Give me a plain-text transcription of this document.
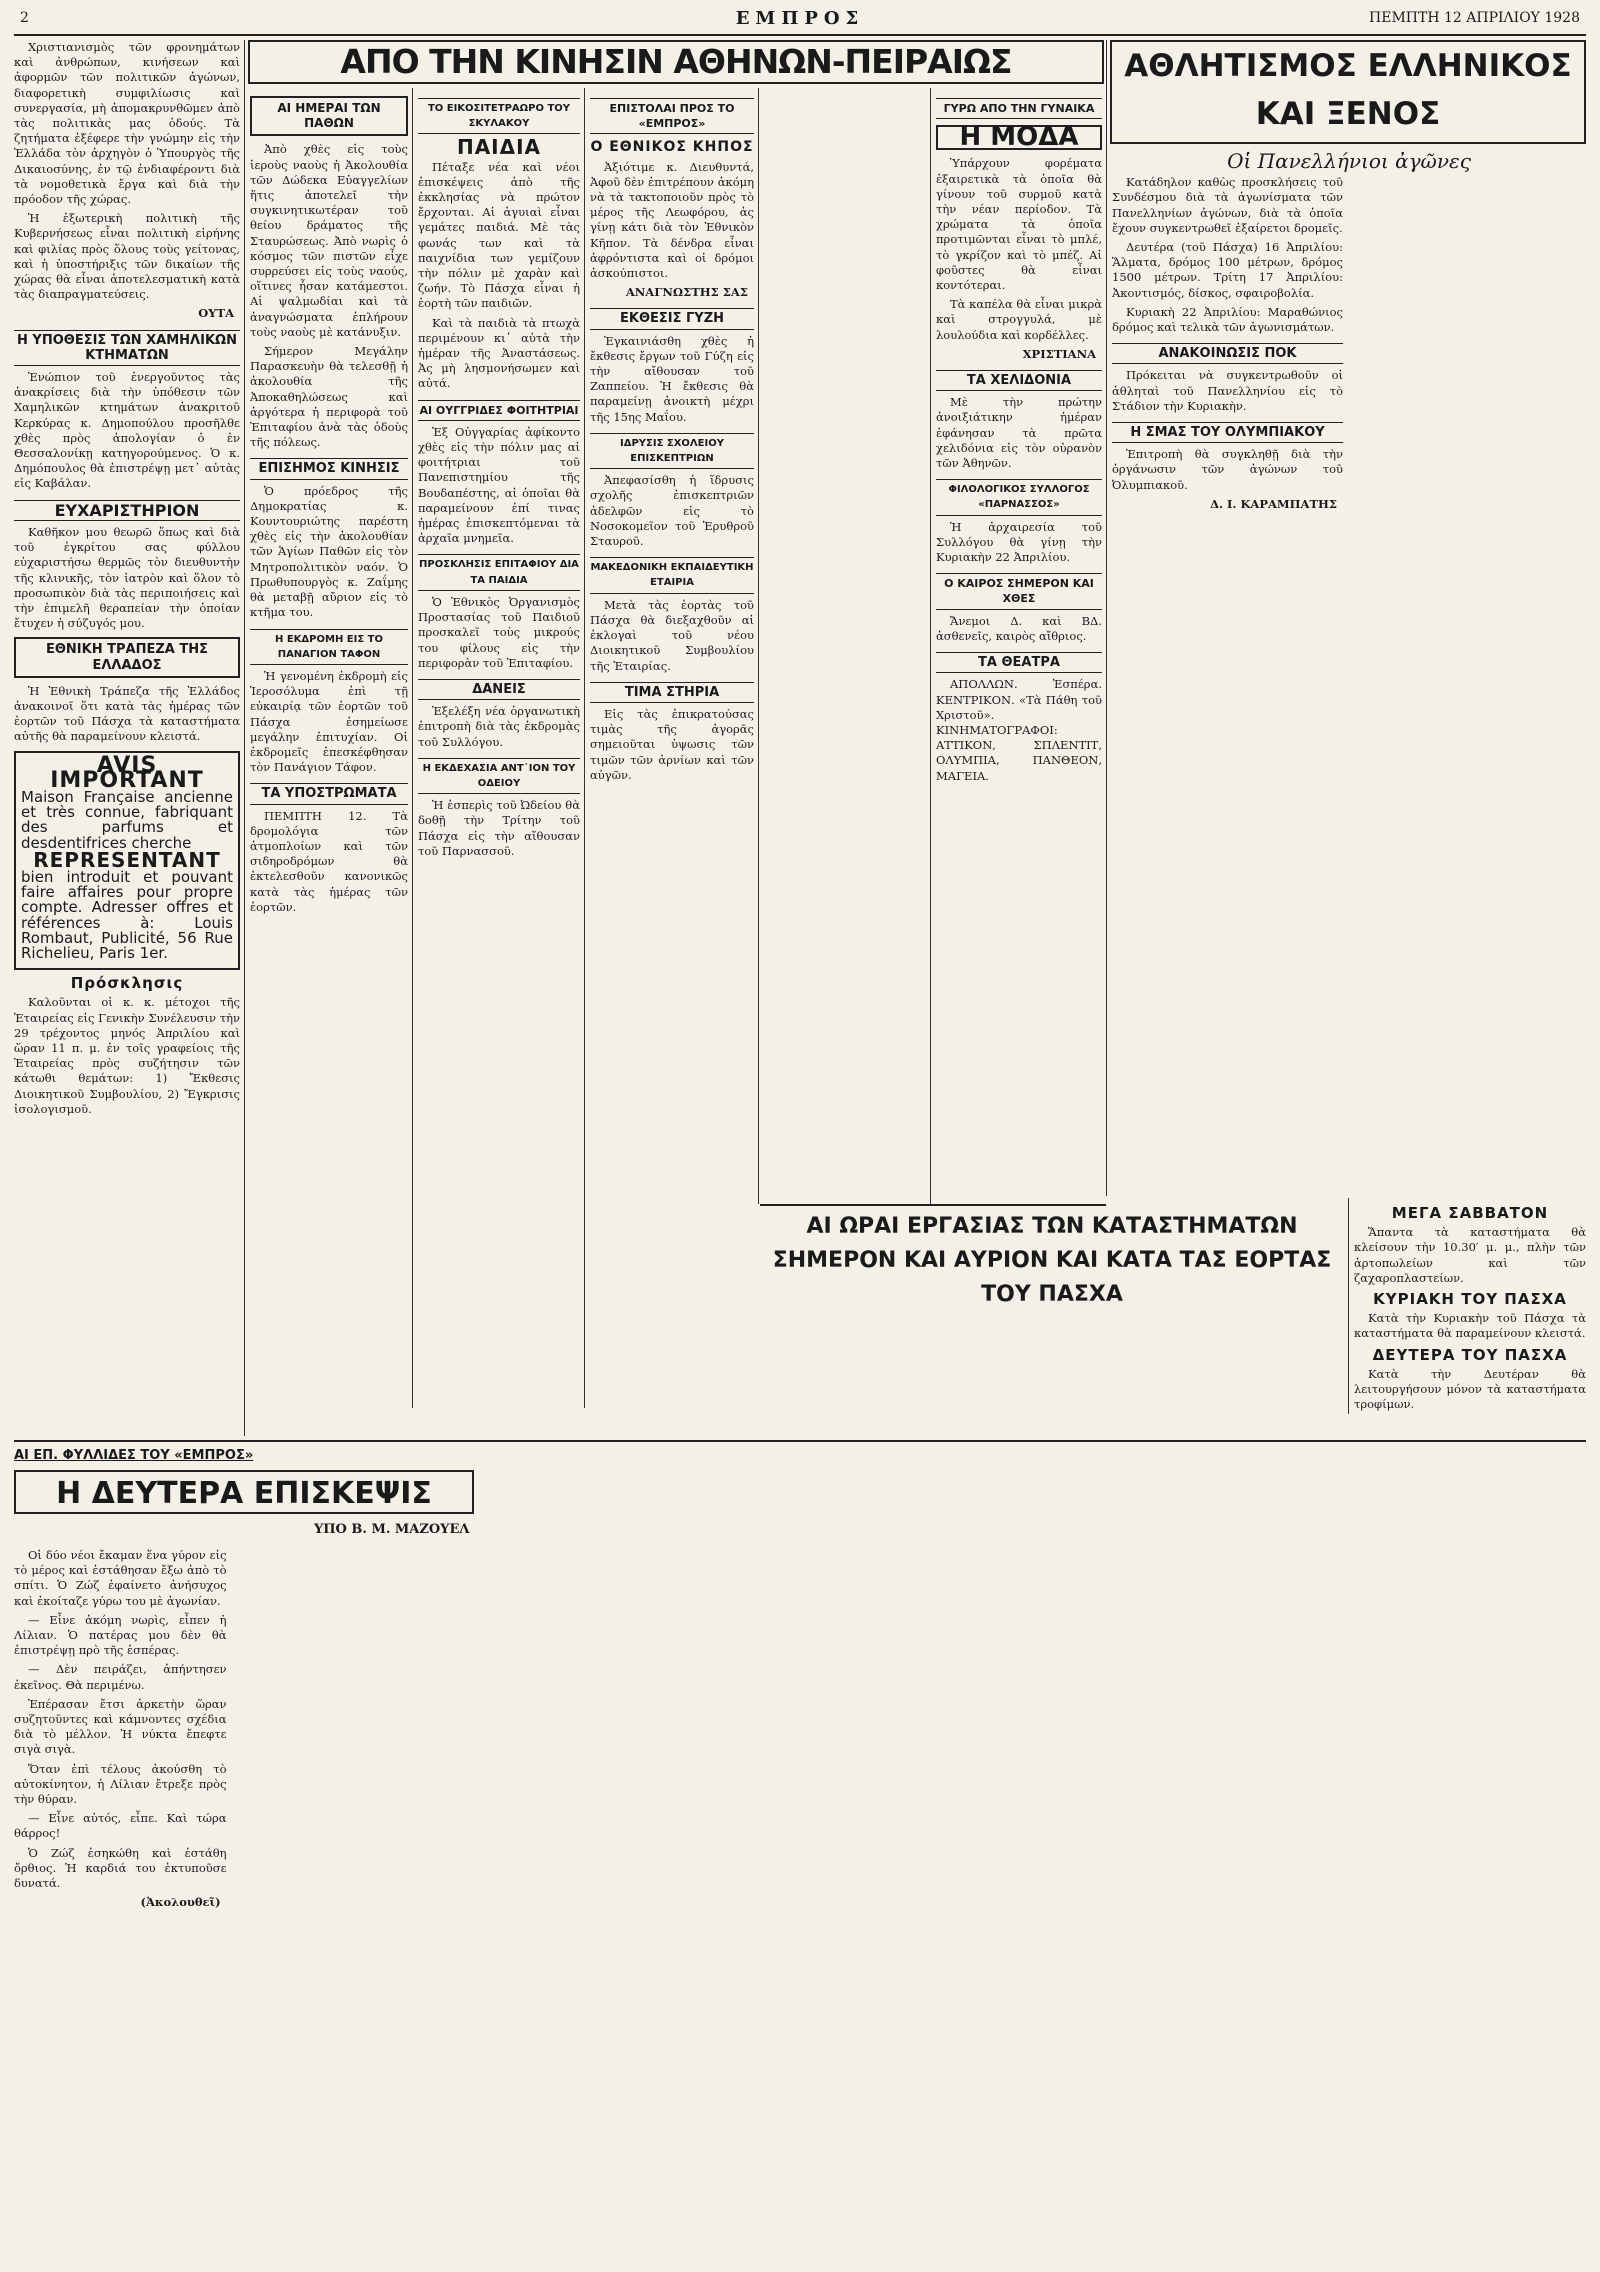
2	ΕΜΠΡΟΣ	ΠΕΜΠΤΗ 12 ΑΠΡΙΛΙΟΥ 1928
ΑΠΟ ΤΗΝ ΚΙΝΗΣΙΝ ΑΘΗΝΩΝ-ΠΕΙΡΑΙΩΣ	ΑΘΛΗΤΙΣΜΟΣ ΕΛΛΗΝΙΚΟΣ ΚΑΙ ΞΕΝΟΣ

Χριστιανισμὸς τῶν φρονημάτων καὶ ἀνθρώπων, κινήσεων καὶ ἀφορμῶν τῶν πολιτικῶν ἀγώνων, διαφορετικὴ συμφιλίωσις καὶ συνεργασία, μὴ ἀπομακρυνθῶμεν ἀπὸ τὰς πολιτικὰς μας ὁδούς. Τὰ ζητήματα ἐξέφερε τὴν γνώμην εἰς τὴν Ἑλλάδα τὸν ἀρχηγὸν ὁ Ὑπουργὸς τῆς Δικαιοσύνης, ἐν τῷ ἐνδιαφέροντι διὰ τὰ νομοθετικὰ ἔργα καὶ διὰ τὴν πρόοδον τῆς χώρας.

Ἡ ἐξωτερικὴ πολιτικὴ τῆς Κυβερνήσεως εἶναι πολιτικὴ εἰρήνης καὶ φιλίας πρὸς ὅλους τοὺς γείτονας, καὶ ἡ ὑποστήριξις τῶν δικαίων τῆς χώρας θὰ εἶναι ἀποτελεσματικὴ κατὰ τὰς διαπραγματεύσεις.

ΟΥΤΑ
Η ΥΠΟΘΕΣΙΣ ΤΩΝ ΧΑΜΗΛΙΚΩΝ ΚΤΗΜΑΤΩΝ

Ἐνώπιον τοῦ ἐνεργοῦντος τὰς ἀνακρίσεις διὰ τὴν ὑπόθεσιν τῶν Χαμηλικῶν κτημάτων ἀνακριτοῦ Κερκύρας κ. Δημοπούλου προσῆλθε χθὲς πρὸς ἀπολογίαν ὁ ἐν Θεσσαλονίκῃ κατηγορούμενος. Ὁ κ. Δημόπουλος θὰ ἐπιστρέψῃ μετ᾽ αὐτὰς εἰς Καβάλαν.

ΕΥΧΑΡΙΣΤΗΡΙΟΝ

Καθῆκον μου θεωρῶ ὅπως καὶ διὰ τοῦ ἐγκρίτου σας φύλλου εὐχαριστήσω θερμῶς τὸν διευθυντὴν τῆς κλινικῆς, τὸν ἰατρὸν καὶ ὅλον τὸ προσωπικὸν διὰ τὰς περιποιήσεις καὶ τὴν ἐπιμελῆ θεραπείαν τὴν ὁποίαν ἔτυχεν ἡ σύζυγός μου.

ΕΘΝΙΚΗ ΤΡΑΠΕΖΑ ΤΗΣ ΕΛΛΑΔΟΣ

Ἡ Ἐθνικὴ Τράπεζα τῆς Ἑλλάδος ἀνακοινοῖ ὅτι κατὰ τὰς ἡμέρας τῶν ἑορτῶν τοῦ Πάσχα τὰ καταστήματα αὐτῆς θὰ παραμείνουν κλειστά.

AVIS IMPORTANT
Maison Française ancienne et très connue, fabriquant des parfums et desdentifrices cherche
REPRESENTANT
bien introduit et pouvant faire affaires pour propre compte. Adresser offres et références à: Louis Rombaut, Publicité, 56 Rue Richelieu, Paris 1er.
Πρόσκλησις

Καλοῦνται οἱ κ. κ. μέτοχοι τῆς Ἑταιρείας εἰς Γενικὴν Συνέλευσιν τὴν 29 τρέχοντος μηνός Ἀπριλίου καὶ ὥραν 11 π. μ. ἐν τοῖς γραφείοις τῆς Ἑταιρείας πρὸς συζήτησιν τῶν κάτωθι θεμάτων: 1) Ἔκθεσις Διοικητικοῦ Συμβουλίου, 2) Ἔγκρισις ἰσολογισμοῦ.

ΑΙ ΗΜΕΡΑΙ ΤΩΝ ΠΑΘΩΝ

Ἀπὸ χθὲς εἰς τοὺς ἱεροὺς ναοὺς ἡ Ἀκολουθία τῶν Δώδεκα Εὐαγγελίων ἥτις ἀποτελεῖ τὴν συγκινητικωτέραν τοῦ θείου δράματος τῆς Σταυρώσεως. Ἀπὸ νωρὶς ὁ κόσμος τῶν πιστῶν εἶχε συρρεύσει εἰς τοὺς ναούς, οἵτινες ἦσαν κατάμεστοι. Αἱ ψαλμωδίαι καὶ τὰ ἀναγνώσματα ἐπλήρουν τοὺς ναοὺς μὲ κατάνυξιν.

Σήμερον Μεγάλην Παρασκευὴν θὰ τελεσθῇ ἡ ἀκολουθία τῆς Ἀποκαθηλώσεως καὶ ἀργότερα ἡ περιφορὰ τοῦ Ἐπιταφίου ἀνὰ τὰς ὁδοὺς τῆς πόλεως.

ΕΠΙΣΗΜΟΣ ΚΙΝΗΣΙΣ

Ὁ πρόεδρος τῆς Δημοκρατίας κ. Κουντουριώτης παρέστη χθὲς εἰς τὴν ἀκολουθίαν τῶν Ἁγίων Παθῶν εἰς τὸν Μητροπολιτικὸν ναόν. Ὁ Πρωθυπουργὸς κ. Ζαΐμης θὰ μεταβῇ αὔριον εἰς τὸ κτῆμα του.

Η ΕΚΔΡΟΜΗ ΕΙΣ ΤΟ ΠΑΝΑΓΙΟΝ ΤΑΦΟΝ

Ἡ γενομένη ἐκδρομὴ εἰς Ἱεροσόλυμα ἐπὶ τῇ εὐκαιρίᾳ τῶν ἑορτῶν τοῦ Πάσχα ἐσημείωσε μεγάλην ἐπιτυχίαν. Οἱ ἐκδρομεῖς ἐπεσκέφθησαν τὸν Πανάγιον Τάφον.

ΤΑ ΥΠΟΣΤΡΩΜΑΤΑ

ΠΕΜΠΤΗ 12. Τὰ δρομολόγια τῶν ἀτμοπλοίων καὶ τῶν σιδηροδρόμων θὰ ἐκτελεσθοῦν κανονικῶς κατὰ τὰς ἡμέρας τῶν ἑορτῶν.

ΤΟ ΕΙΚΟΣΙΤΕΤΡΑΩΡΟ ΤΟΥ ΣΚΥΛΑΚΟΥ
ΠΑΙΔΙΑ

Πέταξε νέα καὶ νέοι ἐπισκέψεις ἀπὸ τῆς ἐκκλησίας νὰ πρώτον ἔρχονται. Αἱ ἀγυιαὶ εἶναι γεμάτες παιδιά. Μὲ τὰς φωνάς των καὶ τὰ παιχνίδια των γεμίζουν τὴν πόλιν μὲ χαρὰν καὶ ζωήν. Τὸ Πάσχα εἶναι ἡ ἑορτὴ τῶν παιδιῶν.

Καὶ τὰ παιδιὰ τὰ πτωχὰ περιμένουν κι᾽ αὐτὰ τὴν ἡμέραν τῆς Ἀναστάσεως. Ἀς μὴ λησμονήσωμεν καὶ αὐτά.

ΑΙ ΟΥΓΓΡΙΔΕΣ ΦΟΙΤΗΤΡΙΑΙ

Ἐξ Οὐγγαρίας ἀφίκοντο χθὲς εἰς τὴν πόλιν μας αἱ φοιτήτριαι τοῦ Πανεπιστημίου τῆς Βουδαπέστης, αἱ ὁποῖαι θὰ παραμείνουν ἐπί τινας ἡμέρας ἐπισκεπτόμεναι τὰ ἀρχαῖα μνημεῖα.

ΠΡΟΣΚΛΗΣΙΣ ΕΠΙΤΑΦΙΟΥ ΔΙΑ ΤΑ ΠΑΙΔΙΑ

Ὁ Ἐθνικὸς Ὀργανισμὸς Προστασίας τοῦ Παιδιοῦ προσκαλεῖ τοὺς μικρούς του φίλους εἰς τὴν περιφορὰν τοῦ Ἐπιταφίου.

ΔΑΝΕΙΣ

Ἐξελέξη νέα ὀργανωτικὴ ἐπιτροπὴ διὰ τὰς ἐκδρομὰς τοῦ Συλλόγου.

Η ΕΚΔΕΧΑΣΙΑ ΑΝΤ᾽ΙΟΝ ΤΟΥ ΟΔΕΙΟΥ

Ἡ ἑσπερὶς τοῦ Ὠδείου θὰ δοθῇ τὴν Τρίτην τοῦ Πάσχα εἰς τὴν αἴθουσαν τοῦ Παρνασσοῦ.

ΕΠΙΣΤΟΛΑΙ ΠΡΟΣ ΤΟ «ΕΜΠΡΟΣ»
Ο ΕΘΝΙΚΟΣ ΚΗΠΟΣ

Ἀξιότιμε κ. Διευθυντά, Ἀφοῦ δὲν ἐπιτρέπουν ἀκόμη νὰ τὰ τακτοποιοῦν πρὸς τὸ μέρος τῆς Λεωφόρου, ἀς γίνῃ κάτι διὰ τὸν Ἐθνικὸν Κῆπον. Τὰ δένδρα εἶναι ἀφρόντιστα καὶ οἱ δρόμοι ἀσκούπιστοι.

ΑΝΑΓΝΩΣΤΗΣ ΣΑΣ
ΕΚΘΕΣΙΣ ΓΥΖΗ

Ἐγκαινιάσθη χθὲς ἡ ἔκθεσις ἔργων τοῦ Γύζη εἰς τὴν αἴθουσαν τοῦ Ζαππείου. Ἡ ἔκθεσις θὰ παραμείνῃ ἀνοικτὴ μέχρι τῆς 15ης Μαΐου.

ΙΔΡΥΣΙΣ ΣΧΟΛΕΙΟΥ ΕΠΙΣΚΕΠΤΡΙΩΝ

Ἀπεφασίσθη ἡ ἵδρυσις σχολῆς ἐπισκεπτριῶν ἀδελφῶν εἰς τὸ Νοσοκομεῖον τοῦ Ἐρυθροῦ Σταυροῦ.

ΜΑΚΕΔΟΝΙΚΗ ΕΚΠΑΙΔΕΥΤΙΚΗ ΕΤΑΙΡΙΑ

Μετὰ τὰς ἑορτὰς τοῦ Πάσχα θὰ διεξαχθοῦν αἱ ἐκλογαὶ τοῦ νέου Διοικητικοῦ Συμβουλίου τῆς Ἑταιρίας.

ΤΙΜΑ ΣΤΗΡΙΑ

Εἰς τὰς ἐπικρατούσας τιμὰς τῆς ἀγορᾶς σημειοῦται ὑψωσις τῶν τιμῶν τῶν ἀρνίων καὶ τῶν αὐγῶν.

ΓΥΡΩ ΑΠΟ ΤΗΝ ΓΥΝΑΙΚΑ
Η ΜΟΔΑ

Ὑπάρχουν φορέματα ἐξαιρετικὰ τὰ ὁποῖα θὰ γίνουν τοῦ συρμοῦ κατὰ τὴν νέαν περίοδον. Τὰ χρώματα τὰ ὁποῖα προτιμῶνται εἶναι τὸ μπλέ, τὸ γκρίζον καὶ τὸ μπέζ. Αἱ φοῦστες θὰ εἶναι κοντότεραι.

Τὰ καπέλα θὰ εἶναι μικρὰ καὶ στρογγυλά, μὲ λουλούδια καὶ κορδέλλες.

ΧΡΙΣΤΙΑΝΑ
ΤΑ ΧΕΛΙΔΟΝΙΑ

Μὲ τὴν πρώτην ἀνοιξιάτικην ἡμέραν ἐφάνησαν τὰ πρῶτα χελιδόνια εἰς τὸν οὐρανὸν τῶν Ἀθηνῶν.

ΦΙΛΟΛΟΓΙΚΟΣ ΣΥΛΛΟΓΟΣ «ΠΑΡΝΑΣΣΟΣ»

Ἡ ἀρχαιρεσία τοῦ Συλλόγου θὰ γίνῃ τὴν Κυριακὴν 22 Ἀπριλίου.

Ο ΚΑΙΡΟΣ ΣΗΜΕΡΟΝ ΚΑΙ ΧΘΕΣ

Ἄνεμοι Δ. καὶ ΒΔ. ἀσθενεῖς, καιρὸς αἴθριος.

ΤΑ ΘΕΑΤΡΑ

ΑΠΟΛΛΩΝ. Ἑσπέρα. ΚΕΝΤΡΙΚΟΝ. «Τὰ Πάθη τοῦ Χριστοῦ». ΚΙΝΗΜΑΤΟΓΡΑΦΟΙ: ΑΤΤΙΚΟΝ, ΣΠΛΕΝΤΙΤ, ΟΛΥΜΠΙΑ, ΠΑΝΘΕΟΝ, ΜΑΓΕΙΑ.

Οἱ Πανελλήνιοι ἀγῶνες

Κατάδηλον καθὼς προσκλήσεις τοῦ Συνδέσμου διὰ τὰ ἀγωνίσματα τῶν Πανελληνίων ἀγώνων, διὰ τὰ ὁποῖα ἔχουν συγκεντρωθεῖ ἐξαίρετοι δρομεῖς.

Δευτέρα (τοῦ Πάσχα) 16 Ἀπριλίου: Ἅλματα, δρόμος 100 μέτρων, δρόμος 1500 μέτρων. Τρίτη 17 Ἀπριλίου: Ἀκοντισμός, δίσκος, σφαιροβολία.

Κυριακὴ 22 Ἀπριλίου: Μαραθώνιος δρόμος καὶ τελικὰ τῶν ἀγωνισμάτων.

ΑΝΑΚΟΙΝΩΣΙΣ ΠΟΚ

Πρόκειται νὰ συγκεντρωθοῦν οἱ ἀθληταὶ τοῦ Πανελληνίου εἰς τὸ Στάδιον τὴν Κυριακὴν.

Η ΣΜΑΣ ΤΟΥ ΟΛΥΜΠΙΑΚΟΥ

Ἐπιτροπὴ θὰ συγκληθῇ διὰ τὴν ὀργάνωσιν τῶν ἀγώνων τοῦ Ὀλυμπιακοῦ.

Δ. Ι. ΚΑΡΑΜΠΑΤΗΣ
ΑΙ ΩΡΑΙ ΕΡΓΑΣΙΑΣ ΤΩΝ ΚΑΤΑΣΤΗΜΑΤΩΝ ΣΗΜΕΡΟΝ ΚΑΙ ΑΥΡΙΟΝ ΚΑΙ ΚΑΤΑ ΤΑΣ ΕΟΡΤΑΣ ΤΟΥ ΠΑΣΧΑ
ΜΕΓΑ ΣΑΒΒΑΤΟΝ

Ἅπαντα τὰ καταστήματα θὰ κλείσουν τὴν 10.30′ μ. μ., πλὴν τῶν ἀρτοπωλείων καὶ τῶν ζαχαροπλαστείων.

ΚΥΡΙΑΚΗ ΤΟΥ ΠΑΣΧΑ

Κατὰ τὴν Κυριακὴν τοῦ Πάσχα τὰ καταστήματα θὰ παραμείνουν κλειστά.

ΔΕΥΤΕΡΑ ΤΟΥ ΠΑΣΧΑ

Κατὰ τὴν Δευτέραν θὰ λειτουργήσουν μόνον τὰ καταστήματα τροφίμων.

ΑΙ ΕΠ. ΦΥΛΛΙΔΕΣ ΤΟΥ «ΕΜΠΡΟΣ»
Η ΔΕΥΤΕΡΑ ΕΠΙΣΚΕΨΙΣ
ΥΠΟ Β. Μ. ΜΑΖΟΥΕΛ

Οἱ δύο νέοι ἔκαμαν ἕνα γύρον εἰς τὸ μέρος καὶ ἐστάθησαν ἔξω ἀπὸ τὸ σπίτι. Ὁ Ζώζ ἐφαίνετο ἀνήσυχος καὶ ἐκοίταζε γύρω του μὲ ἀγωνίαν.

— Εἶνε ἀκόμη νωρὶς, εἶπεν ἡ Λίλιαν. Ὁ πατέρας μου δὲν θὰ ἐπιστρέψῃ πρὸ τῆς ἑσπέρας.

— Δὲν πειράζει, ἀπήντησεν ἐκεῖνος. Θὰ περιμένω.

Ἐπέρασαν ἔτσι ἀρκετὴν ὥραν συζητοῦντες καὶ κάμνοντες σχέδια διὰ τὸ μέλλον. Ἡ νύκτα ἔπεφτε σιγὰ σιγὰ.

Ὅταν ἐπὶ τέλους ἀκούσθη τὸ αὐτοκίνητον, ἡ Λίλιαν ἔτρεξε πρὸς τὴν θύραν.

— Εἶνε αὐτός, εἶπε. Καὶ τώρα θάρρος!

Ὁ Ζώζ ἐσηκώθη καὶ ἐστάθη ὄρθιος. Ἡ καρδιά του ἐκτυποῦσε δυνατά.

(Ἀκολουθεῖ)
